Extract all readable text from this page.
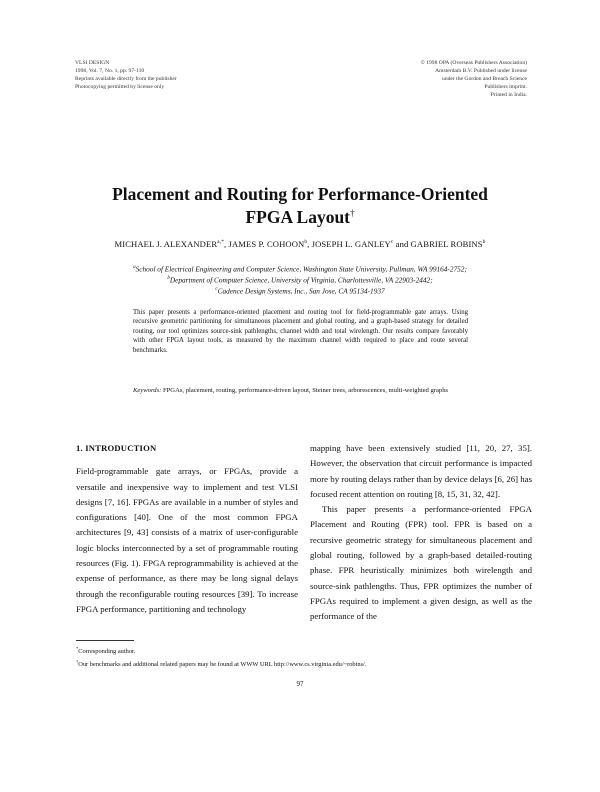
VLSI DESIGN
1998, Vol. 7, No. 1, pp. 97-110
Reprints available directly from the publisher
Photocopying permitted by license only
© 1998 OPA (Overseas Publishers Association)
Amsterdam B.V. Published under license
under the Gordon and Breach Science
Publishers imprint.
Printed in India.
Placement and Routing for Performance-Oriented
FPGA Layout†
MICHAEL J. $ALEXANDER^{a,*}$, JAMES P. COHOON$^b$, JOSEPH L. GANLEY$^c$ and GABRIEL ROBINS$^b$
$^a$School of Electrical Engineering and Computer Science, Washington State University, Pullman, WA 99164-2752;
$^b$Department of Computer Science, University of Virginia, Charlottesville, VA 22903-2442;
$^c$Cadence Design Systems, Inc., San Jose, CA 95134-1937
This paper presents a performance-oriented placement and routing tool for field-programmable gate arrays. Using recursive geometric partitioning for simultaneous placement and global routing, and a graph-based strategy for detailed routing, our tool optimizes source-sink pathlengths, channel width and total wirelength. Our results compare favorably with other FPGA layout tools, as measured by the maximum channel width required to place and route several benchmarks.
Keywords: FPGAs, placement, routing, performance-driven layout, Steiner trees, arborescences, multi-weighted graphs
1. INTRODUCTION

Field-programmable gate arrays, or FPGAs, provide a versatile and inexpensive way to implement and test VLSI designs [7, 16]. FPGAs are available in a number of styles and configurations [40]. One of the most common FPGA architectures [9, 43] consists of a matrix of user-configurable logic blocks interconnected by a set of programmable routing resources (Fig. 1). FPGA reprogrammability is achieved at the expense of performance, as there may be long signal delays through the reconfigurable routing resources [39]. To increase FPGA performance, partitioning and technology

mapping have been extensively studied [11, 20, 27, 35]. However, the observation that circuit performance is impacted more by routing delays rather than by device delays [6, 26] has focused recent attention on routing [8, 15, 31, 32, 42].

This paper presents a performance-oriented FPGA Placement and Routing (FPR) tool. FPR is based on a recursive geometric strategy for simultaneous placement and global routing, followed by a graph-based detailed-routing phase. FPR heuristically minimizes both wirelength and source-sink pathlengths. Thus, FPR optimizes the number of FPGAs required to implement a given design, as well as the performance of the

*Corresponding author.
†Our benchmarks and additional related papers may be found at WWW URL http://www.cs.virginia.edu/~robins/.
97
